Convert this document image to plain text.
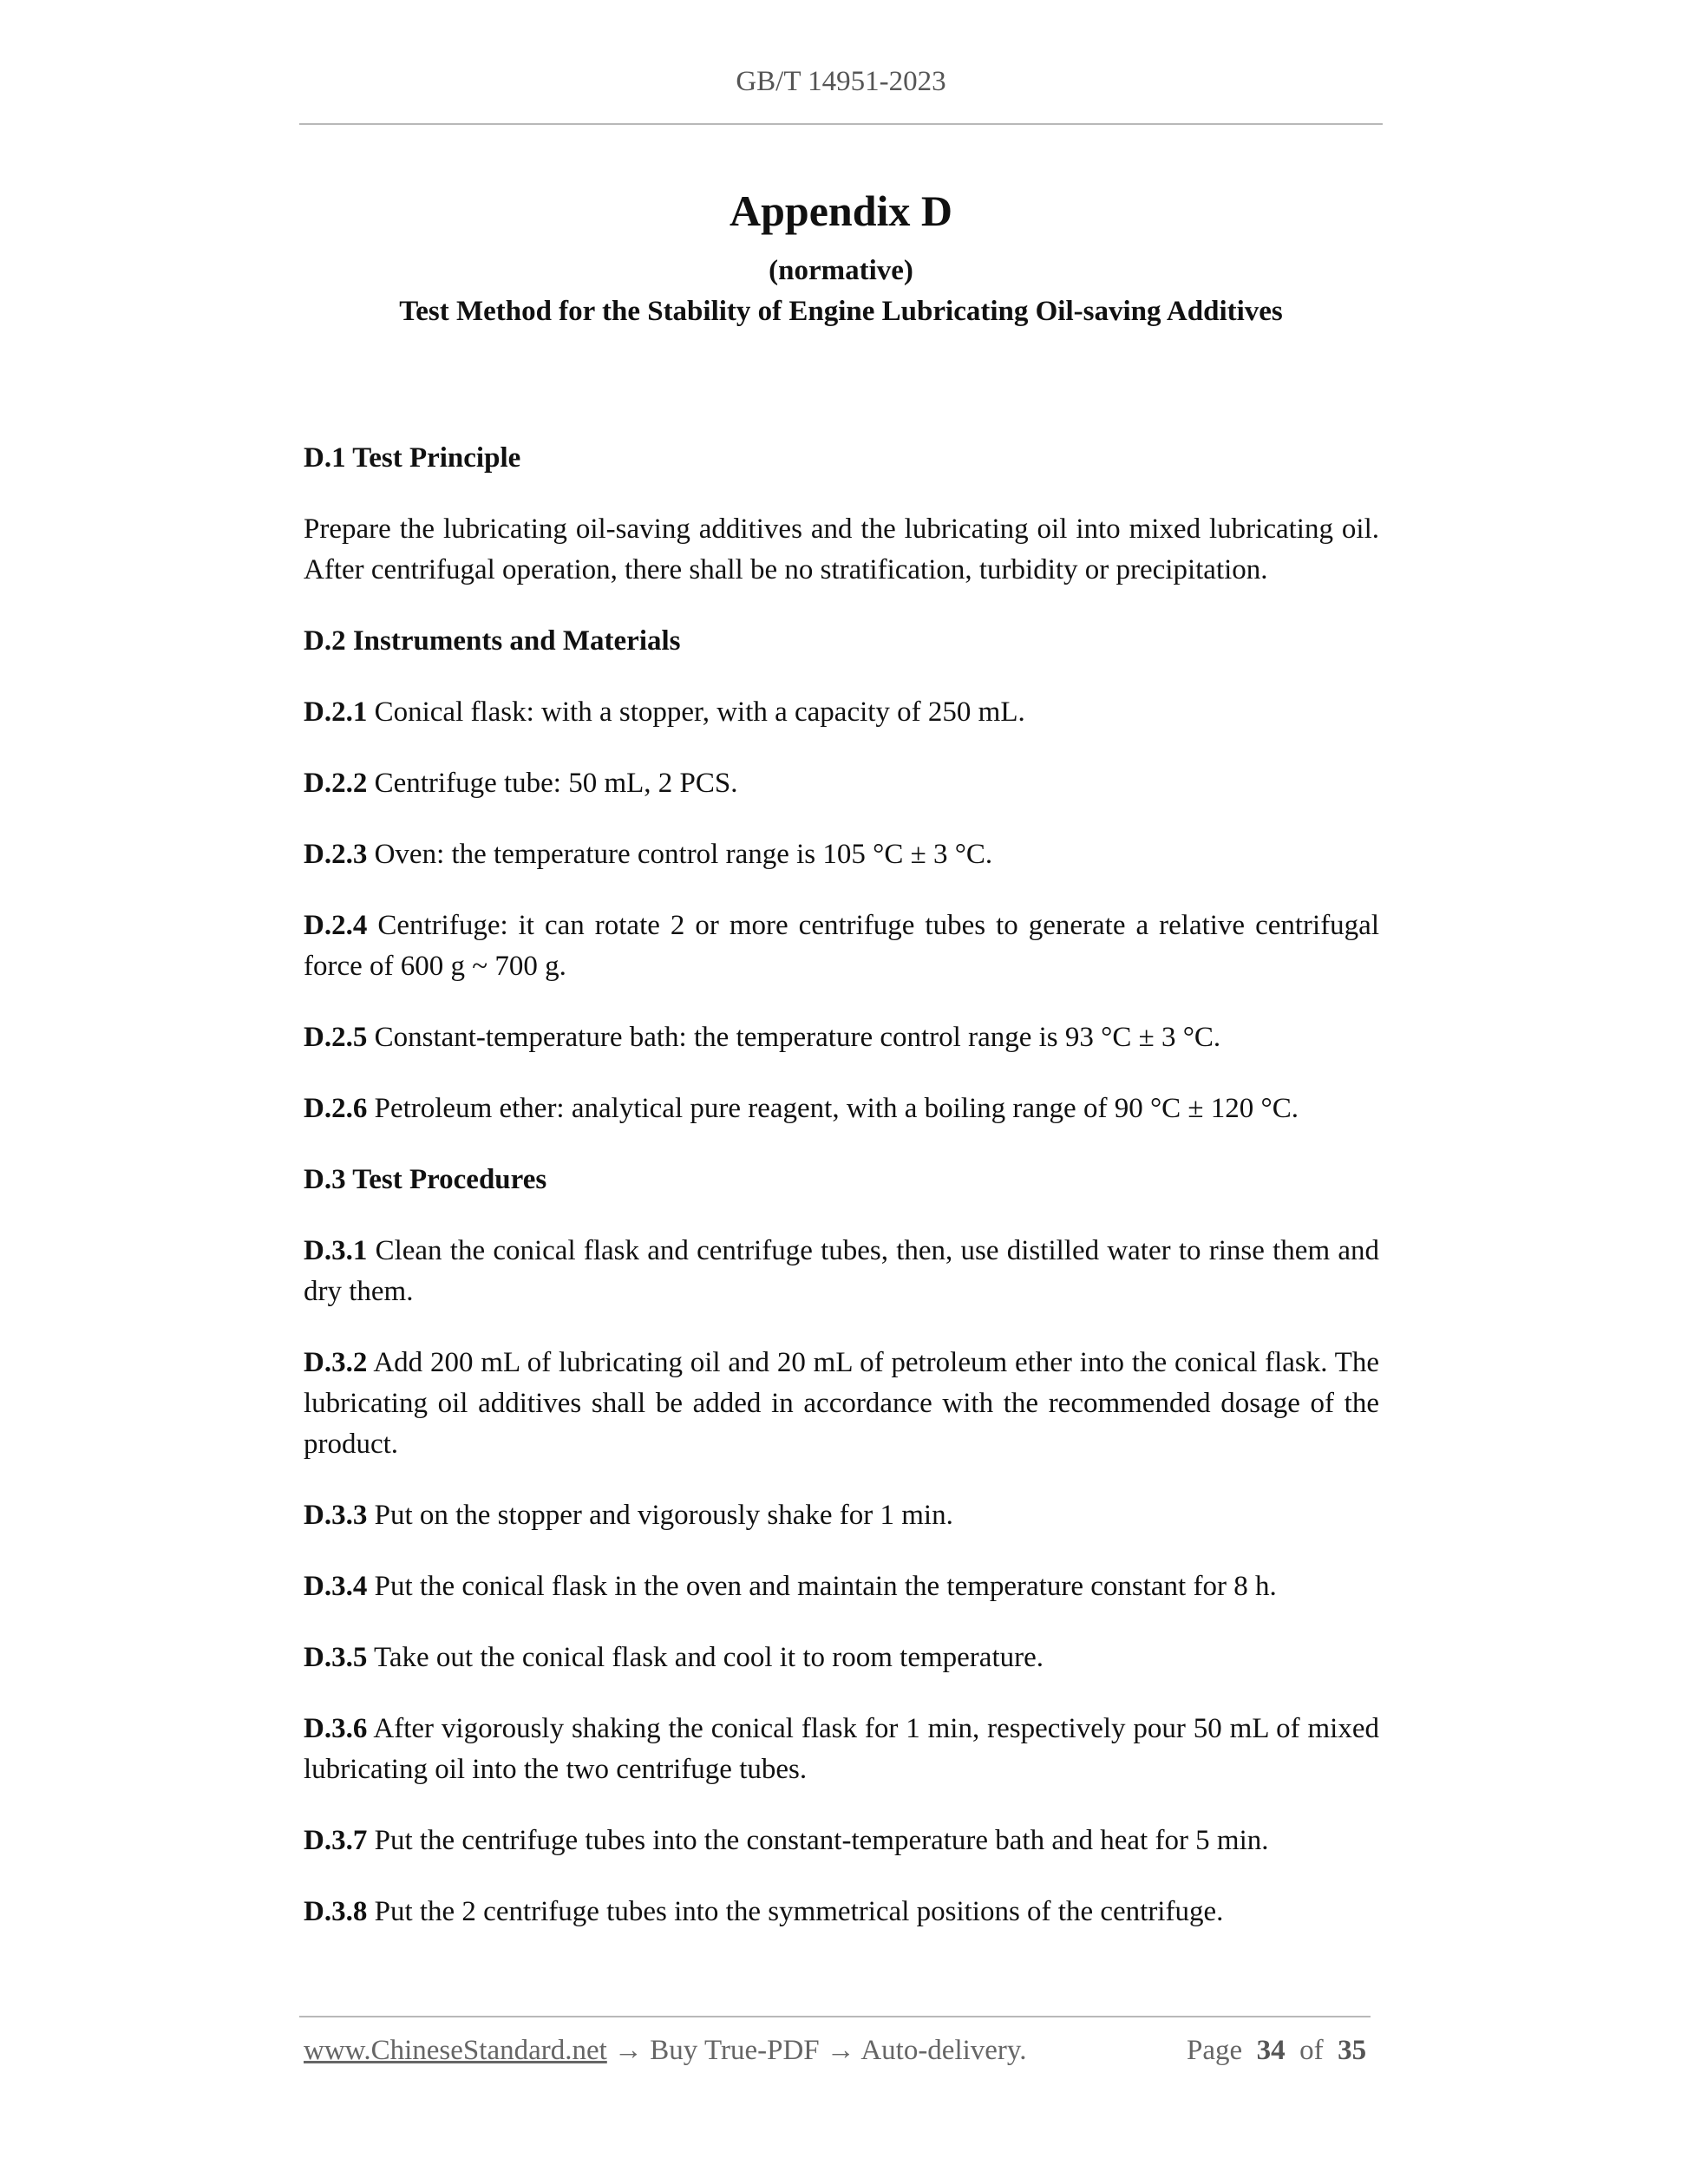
GB/T 14951-2023
Appendix D
(normative)
Test Method for the Stability of Engine Lubricating Oil-saving Additives
D.1 Test Principle

Prepare the lubricating oil-saving additives and the lubricating oil into mixed lubricating oil. After centrifugal operation, there shall be no stratification, turbidity or precipitation.

D.2 Instruments and Materials

D.2.1 Conical flask: with a stopper, with a capacity of 250 mL.

D.2.2 Centrifuge tube: 50 mL, 2 PCS.

D.2.3 Oven: the temperature control range is 105 °C ± 3 °C.

D.2.4 Centrifuge: it can rotate 2 or more centrifuge tubes to generate a relative centrifugal force of 600 g ~ 700 g.

D.2.5 Constant-temperature bath: the temperature control range is 93 °C ± 3 °C.

D.2.6 Petroleum ether: analytical pure reagent, with a boiling range of 90 °C ± 120 °C.

D.3 Test Procedures

D.3.1 Clean the conical flask and centrifuge tubes, then, use distilled water to rinse them and dry them.

D.3.2 Add 200 mL of lubricating oil and 20 mL of petroleum ether into the conical flask. The lubricating oil additives shall be added in accordance with the recommended dosage of the product.

D.3.3 Put on the stopper and vigorously shake for 1 min.

D.3.4 Put the conical flask in the oven and maintain the temperature constant for 8 h.

D.3.5 Take out the conical flask and cool it to room temperature.

D.3.6 After vigorously shaking the conical flask for 1 min, respectively pour 50 mL of mixed lubricating oil into the two centrifuge tubes.

D.3.7 Put the centrifuge tubes into the constant-temperature bath and heat for 5 min.

D.3.8 Put the 2 centrifuge tubes into the symmetrical positions of the centrifuge.

www.ChineseStandard.net → Buy True-PDF → Auto-delivery.	Page 34 of 35
